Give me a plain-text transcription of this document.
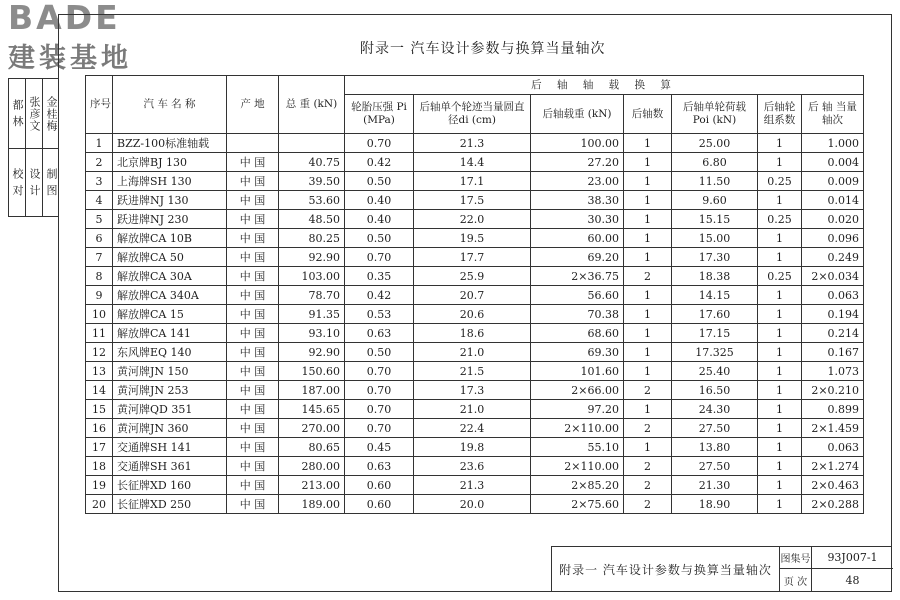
BADE
建装基地
都 林
校 对
张彦文
设 计
金桂梅
制 图
附录一 汽车设计参数与换算当量轴次
序号	汽 车 名 称	产 地	总 重 (kN)	后 轴 轴 载 换 算						
				轮胎压强 Pi (MPa)	后轴单个轮迹当量圆直径di (cm)	后轴载重 (kN)	后轴数	后轴单轮荷载 Poi (kN)	后轴轮组系数	后 轴 当量轴次
1	BZZ-100标准轴载			0.70	21.3	100.00	1	25.00	1	1.000
2	北京牌BJ 130	中 国	40.75	0.42	14.4	27.20	1	6.80	1	0.004
3	上海牌SH 130	中 国	39.50	0.50	17.1	23.00	1	11.50	0.25	0.009
4	跃进牌NJ 130	中 国	53.60	0.40	17.5	38.30	1	9.60	1	0.014
5	跃进牌NJ 230	中 国	48.50	0.40	22.0	30.30	1	15.15	0.25	0.020
6	解放牌CA 10B	中 国	80.25	0.50	19.5	60.00	1	15.00	1	0.096
7	解放牌CA 50	中 国	92.90	0.70	17.7	69.20	1	17.30	1	0.249
8	解放牌CA 30A	中 国	103.00	0.35	25.9	2×36.75	2	18.38	0.25	2×0.034
9	解放牌CA 340A	中 国	78.70	0.42	20.7	56.60	1	14.15	1	0.063
10	解放牌CA 15	中 国	91.35	0.53	20.6	70.38	1	17.60	1	0.194
11	解放牌CA 141	中 国	93.10	0.63	18.6	68.60	1	17.15	1	0.214
12	东风牌EQ 140	中 国	92.90	0.50	21.0	69.30	1	17.325	1	0.167
13	黄河牌JN 150	中 国	150.60	0.70	21.5	101.60	1	25.40	1	1.073
14	黄河牌JN 253	中 国	187.00	0.70	17.3	2×66.00	2	16.50	1	2×0.210
15	黄河牌QD 351	中 国	145.65	0.70	21.0	97.20	1	24.30	1	0.899
16	黄河牌JN 360	中 国	270.00	0.70	22.4	2×110.00	2	27.50	1	2×1.459
17	交通牌SH 141	中 国	80.65	0.45	19.8	55.10	1	13.80	1	0.063
18	交通牌SH 361	中 国	280.00	0.63	23.6	2×110.00	2	27.50	1	2×1.274
19	长征牌XD 160	中 国	213.00	0.60	21.3	2×85.20	2	21.30	1	2×0.463
20	长征牌XD 250	中 国	189.00	0.60	20.0	2×75.60	2	18.90	1	2×0.288
附录一 汽车设计参数与换算当量轴次
图集号	93J007-1
页 次	48
